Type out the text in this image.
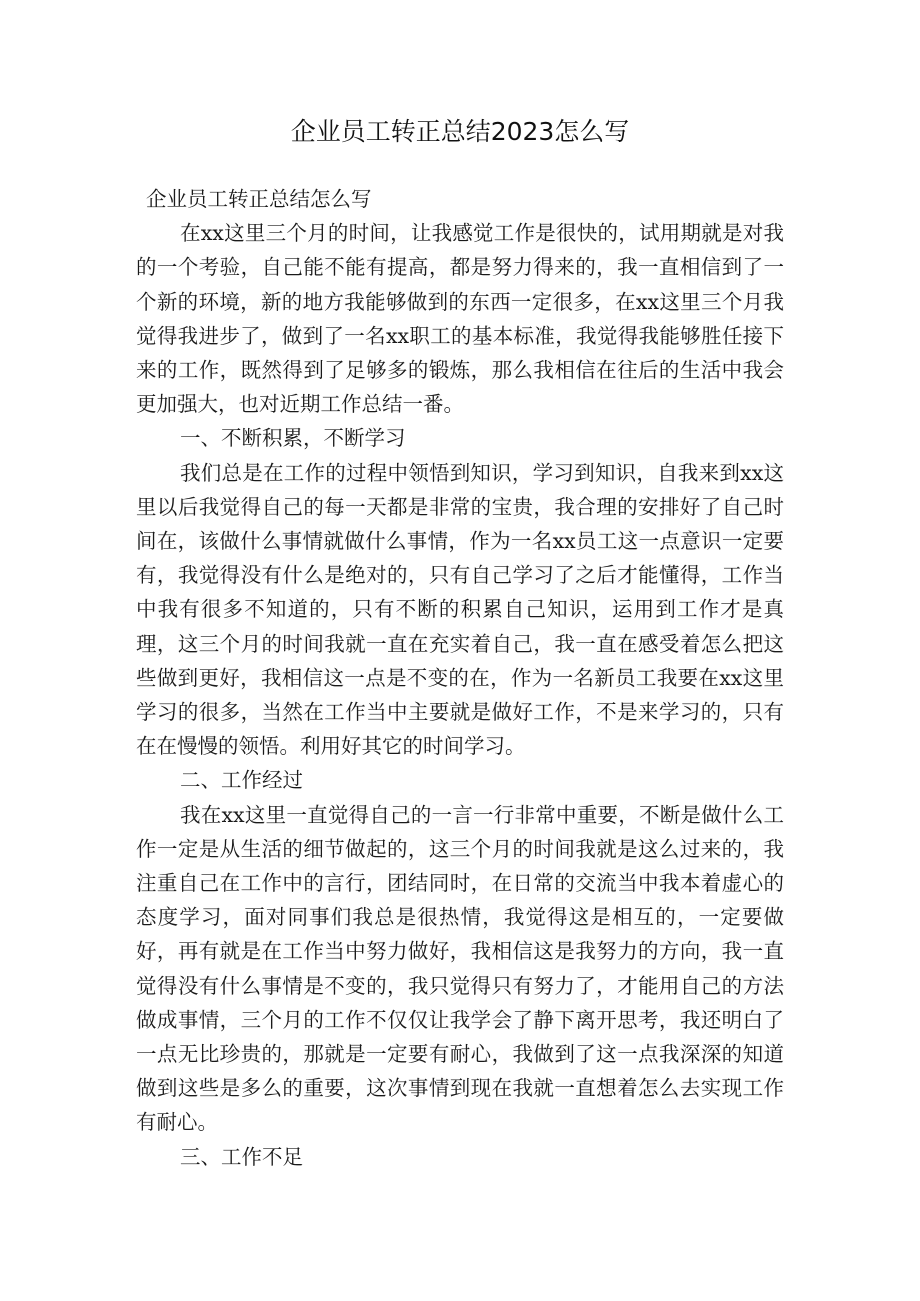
企业员工转正总结2023怎么写

企业员工转正总结怎么写

在xx这里三个月的时间，让我感觉工作是很快的，试用期就是对我的一个考验，自己能不能有提高，都是努力得来的，我一直相信到了一个新的环境，新的地方我能够做到的东西一定很多，在xx这里三个月我觉得我进步了，做到了一名xx职工的基本标准，我觉得我能够胜任接下来的工作，既然得到了足够多的锻炼，那么我相信在往后的生活中我会更加强大，也对近期工作总结一番。

一、不断积累，不断学习

我们总是在工作的过程中领悟到知识，学习到知识，自我来到xx这里以后我觉得自己的每一天都是非常的宝贵，我合理的安排好了自己时间在，该做什么事情就做什么事情，作为一名xx员工这一点意识一定要有，我觉得没有什么是绝对的，只有自己学习了之后才能懂得，工作当中我有很多不知道的，只有不断的积累自己知识，运用到工作才是真理，这三个月的时间我就一直在充实着自己，我一直在感受着怎么把这些做到更好，我相信这一点是不变的在，作为一名新员工我要在xx这里学习的很多，当然在工作当中主要就是做好工作，不是来学习的，只有在在慢慢的领悟。利用好其它的时间学习。

二、工作经过

我在xx这里一直觉得自己的一言一行非常中重要，不断是做什么工作一定是从生活的细节做起的，这三个月的时间我就是这么过来的，我注重自己在工作中的言行，团结同时，在日常的交流当中我本着虚心的态度学习，面对同事们我总是很热情，我觉得这是相互的，一定要做好，再有就是在工作当中努力做好，我相信这是我努力的方向，我一直觉得没有什么事情是不变的，我只觉得只有努力了，才能用自己的方法做成事情，三个月的工作不仅仅让我学会了静下离开思考，我还明白了一点无比珍贵的，那就是一定要有耐心，我做到了这一点我深深的知道做到这些是多么的重要，这次事情到现在我就一直想着怎么去实现工作有耐心。

三、工作不足
